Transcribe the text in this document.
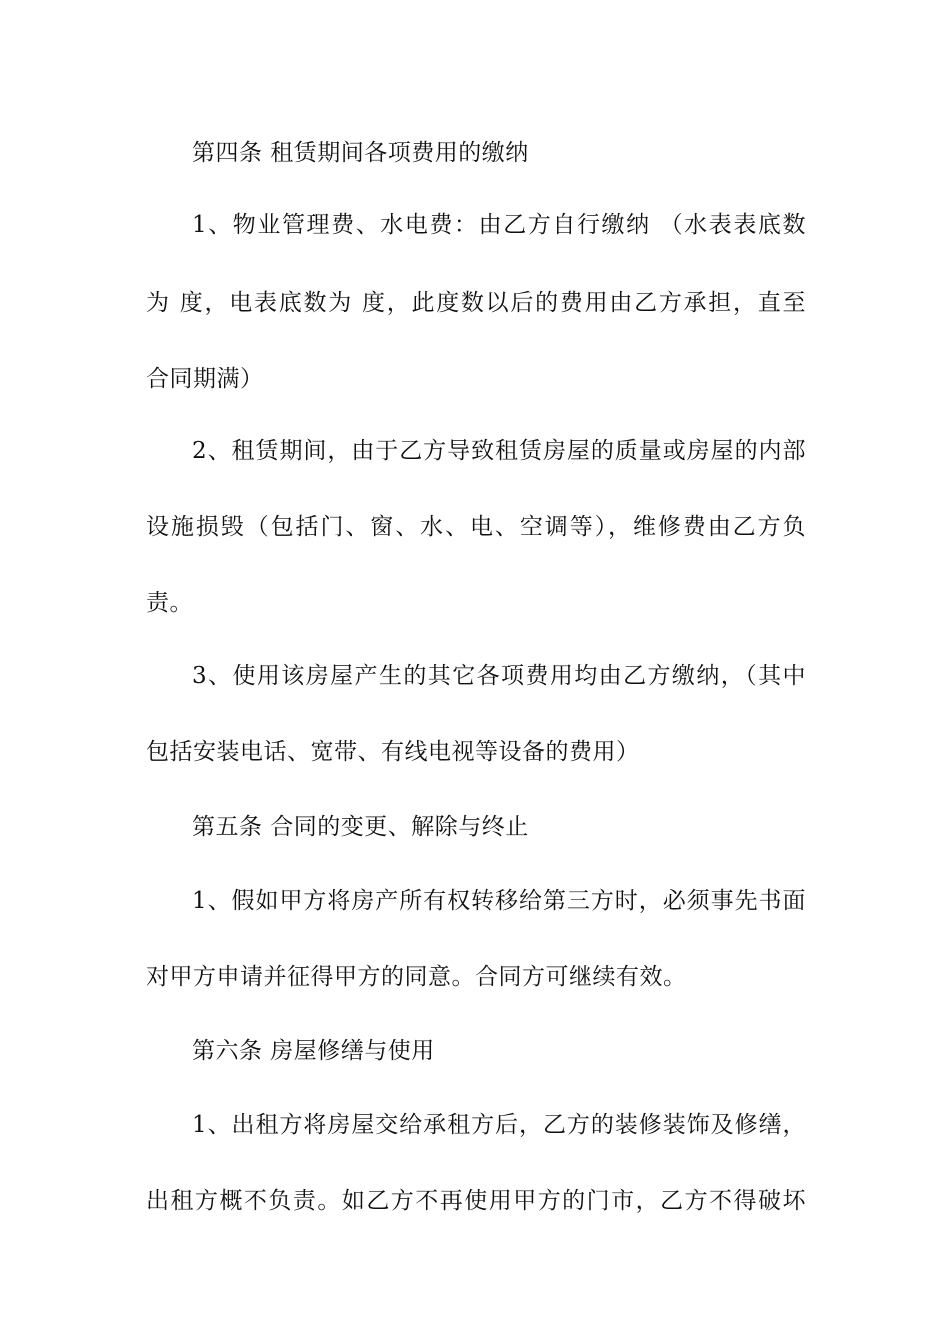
第四条 租赁期间各项费用的缴纳
1、物业管理费、水电费：由乙方自行缴纳 （水表表底数
为 度，电表底数为 度，此度数以后的费用由乙方承担，直至
合同期满）
2、租赁期间，由于乙方导致租赁房屋的质量或房屋的内部
设施损毁（包括门、窗、水、电、空调等），维修费由乙方负
责。
3、使用该房屋产生的其它各项费用均由乙方缴纳，（其中
包括安装电话、宽带、有线电视等设备的费用）
第五条 合同的变更、解除与终止
1、假如甲方将房产所有权转移给第三方时，必须事先书面
对甲方申请并征得甲方的同意。合同方可继续有效。
第六条 房屋修缮与使用
1、出租方将房屋交给承租方后，乙方的装修装饰及修缮，
出租方概不负责。如乙方不再使用甲方的门市，乙方不得破坏
